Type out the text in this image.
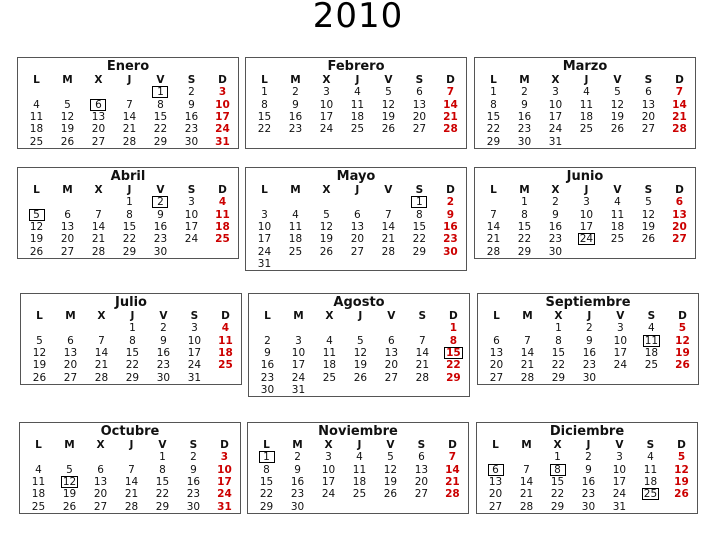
2010
Enero
L	M	X	J	V	S	D
				1	2	3
4	5	6	7	8	9	10
11	12	13	14	15	16	17
18	19	20	21	22	23	24
25	26	27	28	29	30	31
Febrero
L	M	X	J	V	S	D
1	2	3	4	5	6	7
8	9	10	11	12	13	14
15	16	17	18	19	20	21
22	23	24	25	26	27	28
Marzo
L	M	X	J	V	S	D
1	2	3	4	5	6	7
8	9	10	11	12	13	14
15	16	17	18	19	20	21
22	23	24	25	26	27	28
29	30	31				
Abril
L	M	X	J	V	S	D
			1	2	3	4
5	6	7	8	9	10	11
12	13	14	15	16	17	18
19	20	21	22	23	24	25
26	27	28	29	30		
Mayo
L	M	X	J	V	S	D
					1	2
3	4	5	6	7	8	9
10	11	12	13	14	15	16
17	18	19	20	21	22	23
24	25	26	27	28	29	30
31						
Junio
L	M	X	J	V	S	D
	1	2	3	4	5	6
7	8	9	10	11	12	13
14	15	16	17	18	19	20
21	22	23	24	25	26	27
28	29	30				
Julio
L	M	X	J	V	S	D
			1	2	3	4
5	6	7	8	9	10	11
12	13	14	15	16	17	18
19	20	21	22	23	24	25
26	27	28	29	30	31	
Agosto
L	M	X	J	V	S	D
						1
2	3	4	5	6	7	8
9	10	11	12	13	14	15
16	17	18	19	20	21	22
23	24	25	26	27	28	29
30	31					
Septiembre
L	M	X	J	V	S	D
		1	2	3	4	5
6	7	8	9	10	11	12
13	14	15	16	17	18	19
20	21	22	23	24	25	26
27	28	29	30			
Octubre
L	M	X	J	V	S	D
				1	2	3
4	5	6	7	8	9	10
11	12	13	14	15	16	17
18	19	20	21	22	23	24
25	26	27	28	29	30	31
Noviembre
L	M	X	J	V	S	D
1	2	3	4	5	6	7
8	9	10	11	12	13	14
15	16	17	18	19	20	21
22	23	24	25	26	27	28
29	30					
Diciembre
L	M	X	J	V	S	D
		1	2	3	4	5
6	7	8	9	10	11	12
13	14	15	16	17	18	19
20	21	22	23	24	25	26
27	28	29	30	31		
